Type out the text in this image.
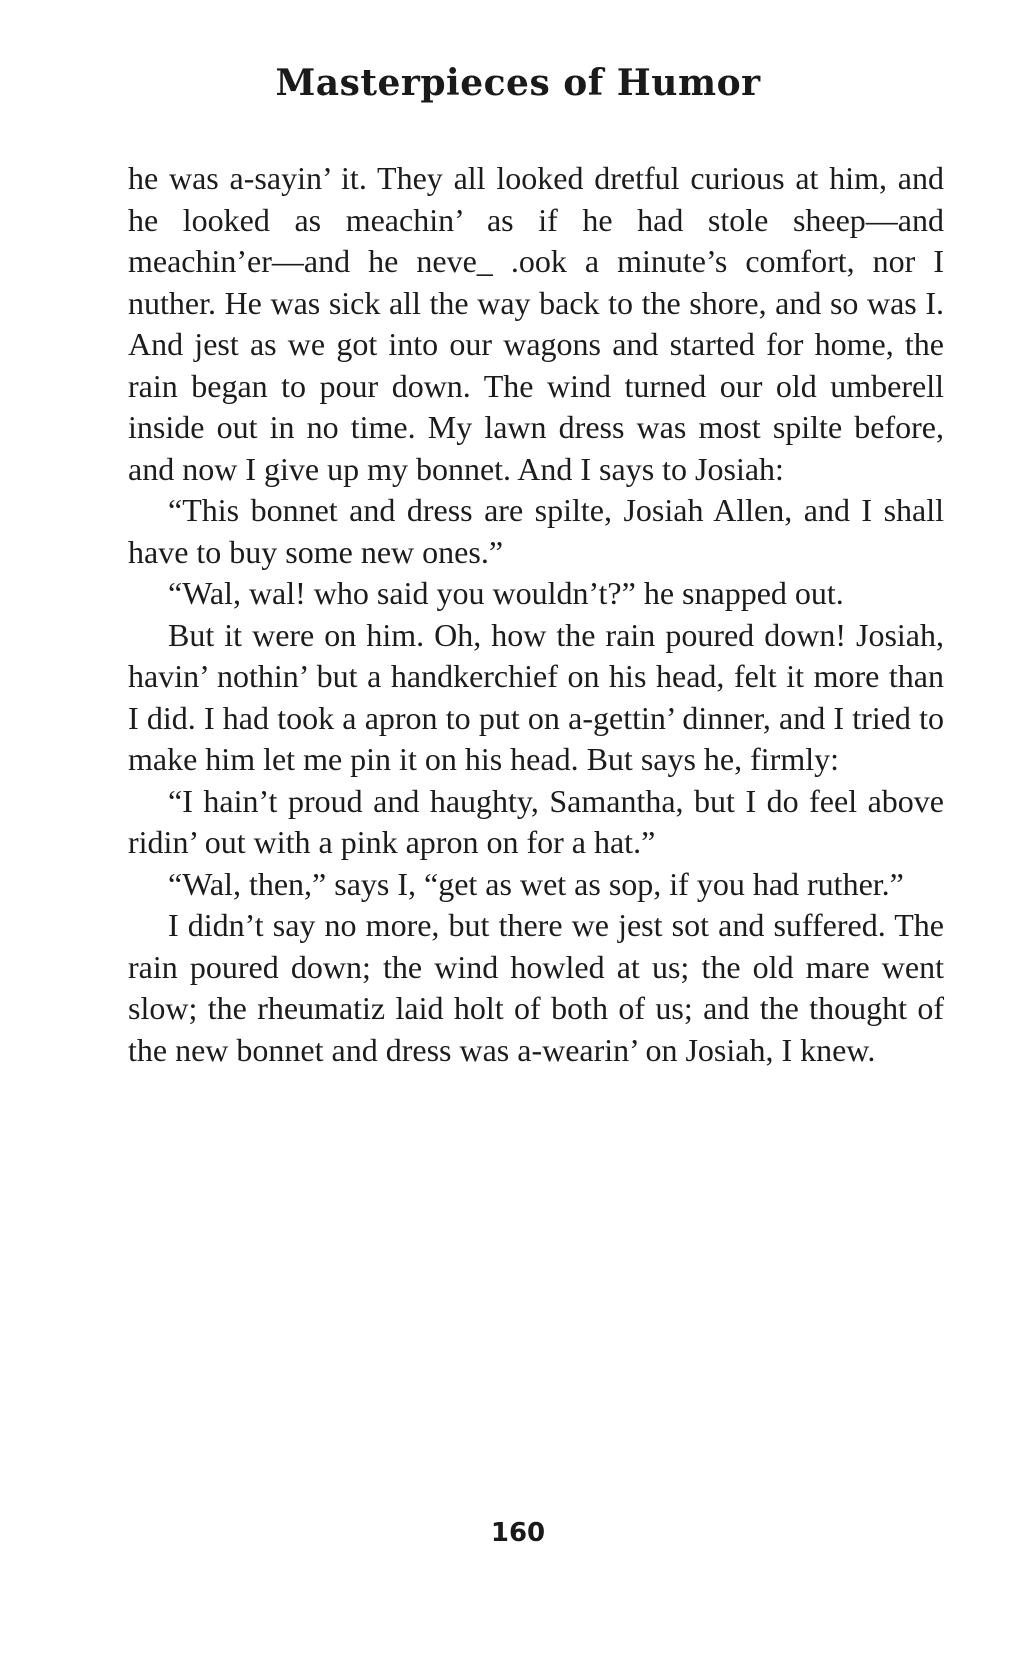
Masterpieces of Humor

he was a-sayin’ it. They all looked dretful curious at him, and he looked as meachin’ as if he had stole sheep—and meachin’er—and he neve_ .ook a minute’s comfort, nor I nuther. He was sick all the way back to the shore, and so was I. And jest as we got into our wagons and started for home, the rain began to pour down. The wind turned our old umberell inside out in no time. My lawn dress was most spilte before, and now I give up my bonnet. And I says to Josiah:

“This bonnet and dress are spilte, Josiah Allen, and I shall have to buy some new ones.”

“Wal, wal! who said you wouldn’t?” he snapped out.

But it were on him. Oh, how the rain poured down! Josiah, havin’ nothin’ but a handkerchief on his head, felt it more than I did. I had took a apron to put on a-gettin’ dinner, and I tried to make him let me pin it on his head. But says he, firmly:

“I hain’t proud and haughty, Samantha, but I do feel above ridin’ out with a pink apron on for a hat.”

“Wal, then,” says I, “get as wet as sop, if you had ruther.”

I didn’t say no more, but there we jest sot and suffered. The rain poured down; the wind howled at us; the old mare went slow; the rheumatiz laid holt of both of us; and the thought of the new bonnet and dress was a-wearin’ on Josiah, I knew.

160
